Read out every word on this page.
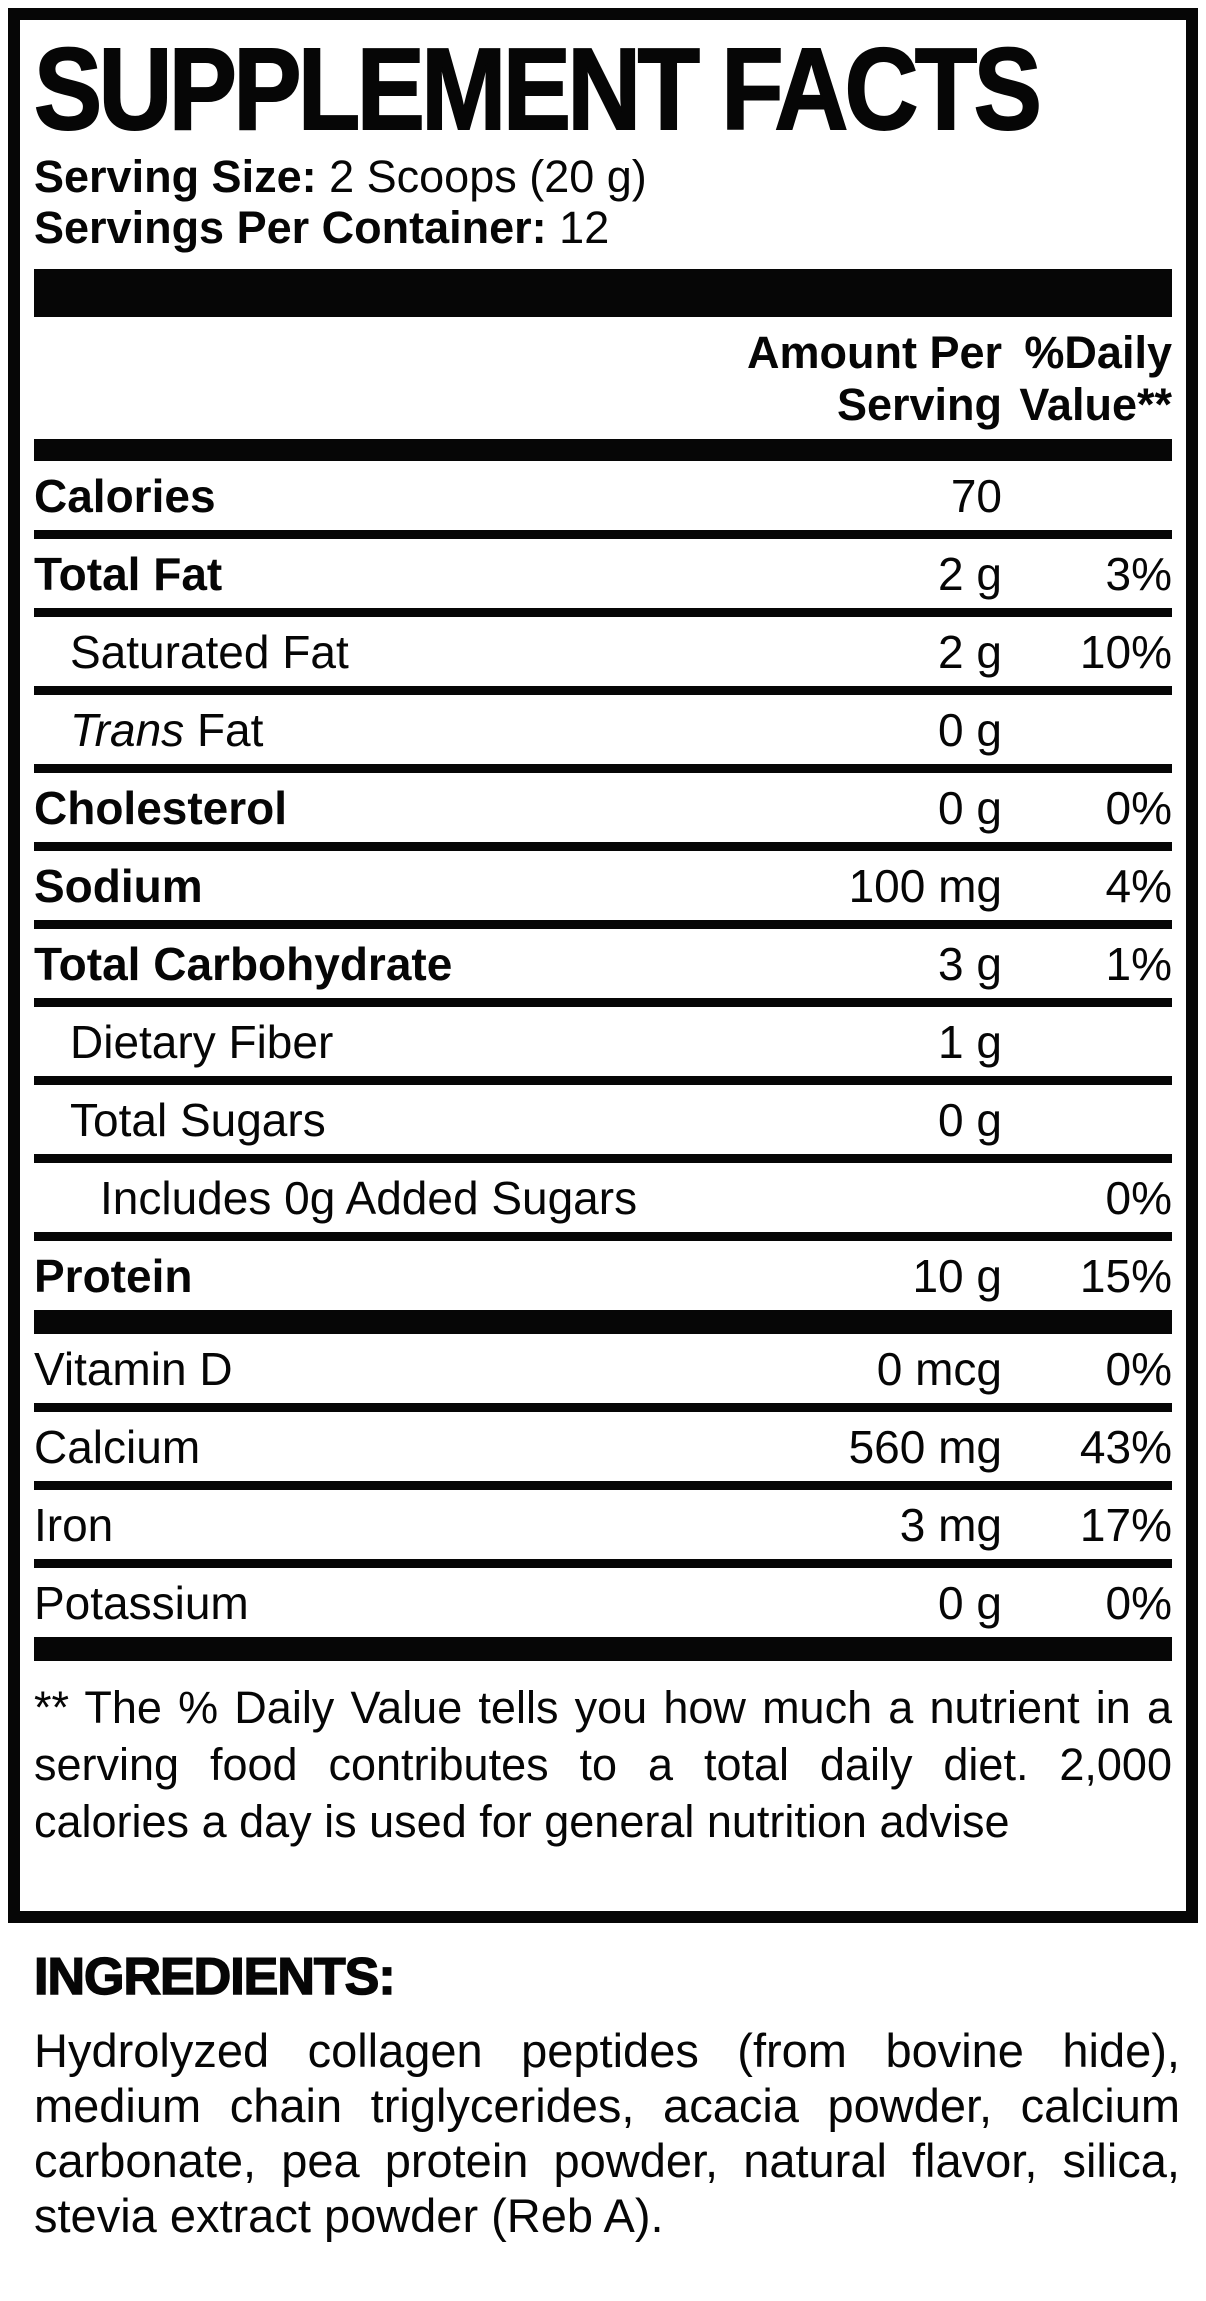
SUPPLEMENT FACTS
Serving Size: 2 Scoops (20 g)
Servings Per Container: 12
Amount Per
Serving
%Daily
Value**
Calories	70
Total Fat	2 g	3%
Saturated Fat	2 g	10%
Trans Fat	0 g
Cholesterol	0 g	0%
Sodium	100 mg	4%
Total Carbohydrate	3 g	1%
Dietary Fiber	1 g
Total Sugars	0 g
Includes 0g Added Sugars	0%
Protein	10 g	15%
Vitamin D	0 mcg	0%
Calcium	560 mg	43%
Iron	3 mg	17%
Potassium	0 g	0%

** The % Daily Value tells you how much a nutrient in a serving food contributes to a total daily diet. 2,000 calories a day is used for general nutrition advise

INGREDIENTS:

Hydrolyzed collagen peptides (from bovine hide), medium chain triglycerides, acacia powder, calcium carbonate, pea protein powder, natural flavor, silica, stevia extract powder (Reb A).
